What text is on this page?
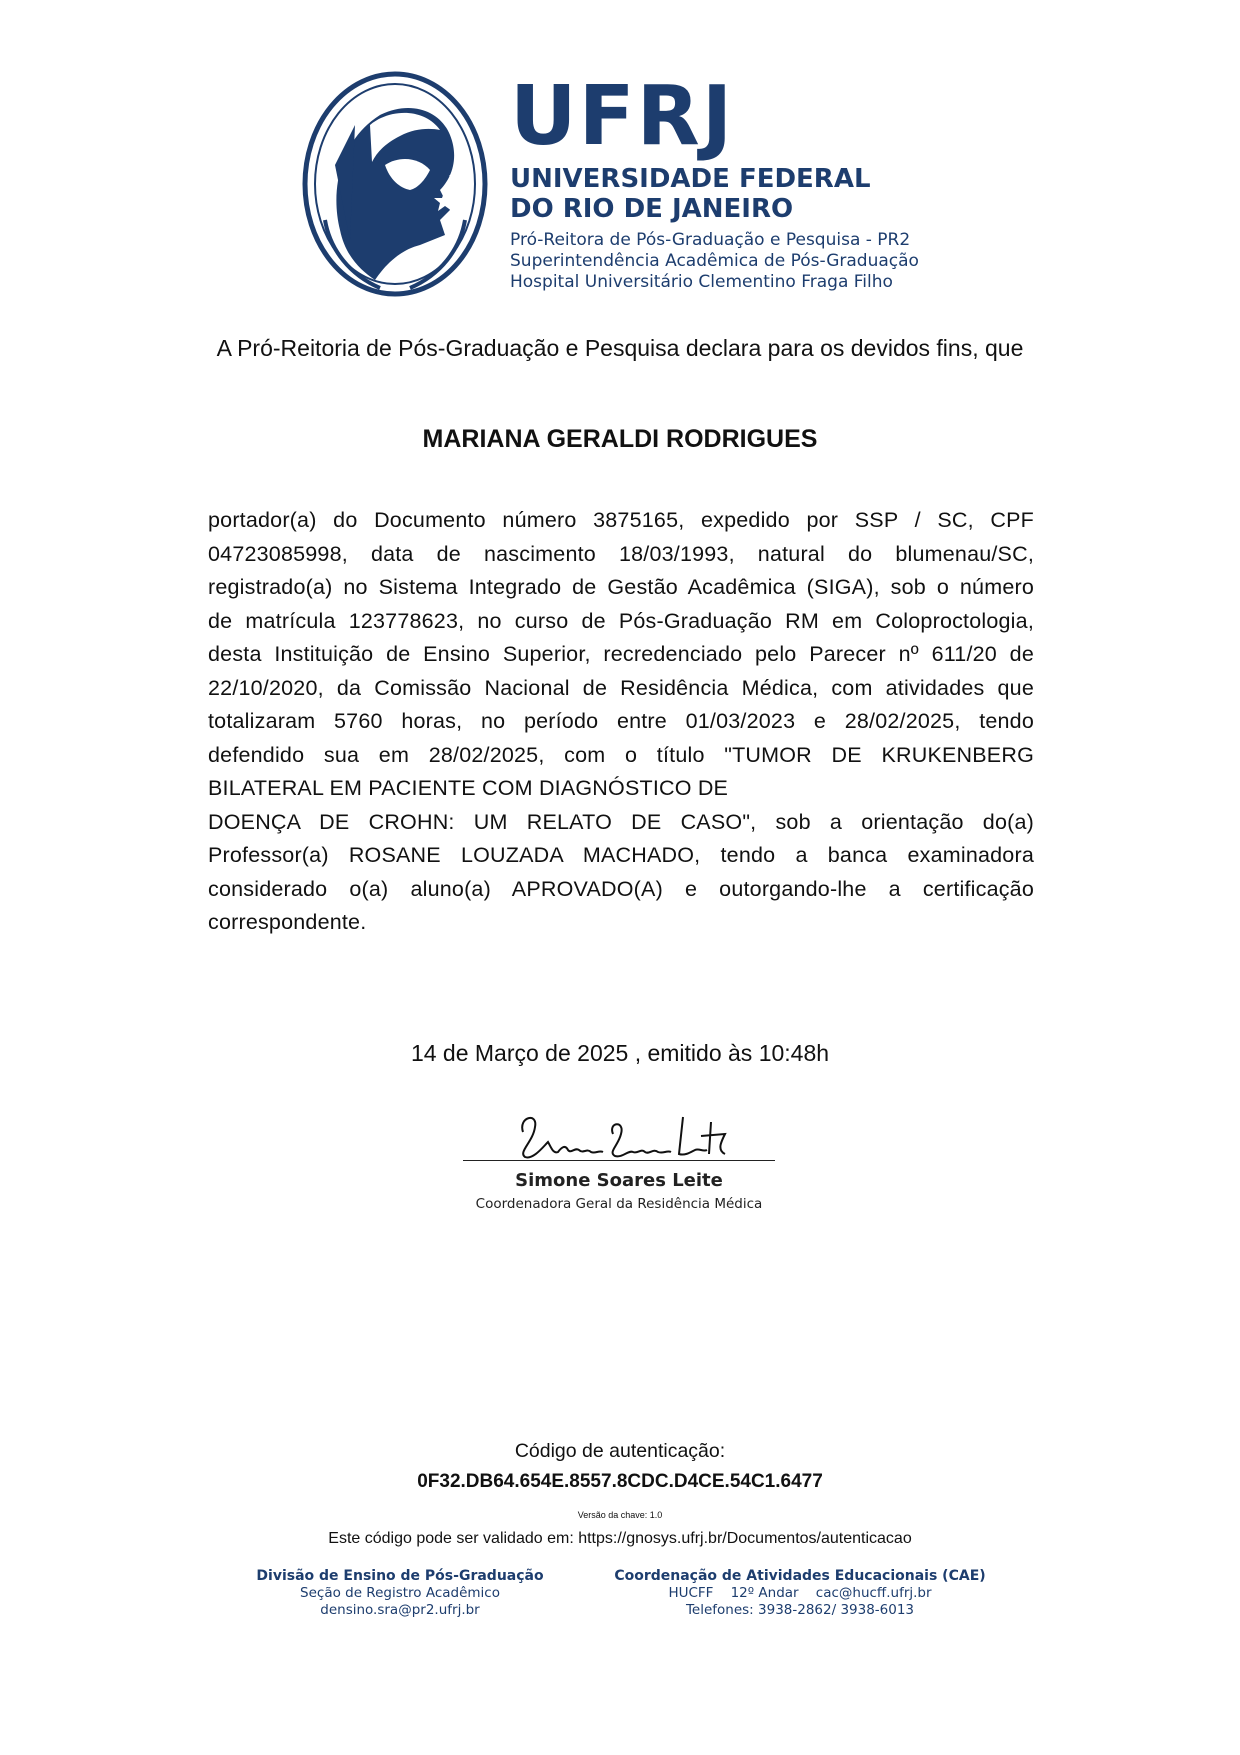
UFRJ
UNIVERSIDADE FEDERAL
DO RIO DE JANEIRO
Pró-Reitora de Pós-Graduação e Pesquisa - PR2
Superintendência Acadêmica de Pós-Graduação
Hospital Universitário Clementino Fraga Filho
A Pró-Reitoria de Pós-Graduação e Pesquisa declara para os devidos fins, que
MARIANA GERALDI RODRIGUES
portador(a) do Documento número 3875165, expedido por SSP / SC, CPF
04723085998, data de nascimento 18/03/1993, natural do blumenau/SC,
registrado(a) no Sistema Integrado de Gestão Acadêmica (SIGA), sob o número
de matrícula 123778623, no curso de Pós-Graduação RM em Coloproctologia,
desta Instituição de Ensino Superior, recredenciado pelo Parecer nº 611/20 de
22/10/2020, da Comissão Nacional de Residência Médica, com atividades que
totalizaram 5760 horas, no período entre 01/03/2023 e 28/02/2025, tendo
defendido sua em 28/02/2025, com o título "TUMOR DE KRUKENBERG
BILATERAL EM PACIENTE COM DIAGNÓSTICO DE
DOENÇA DE CROHN: UM RELATO DE CASO", sob a orientação do(a)
Professor(a) ROSANE LOUZADA MACHADO, tendo a banca examinadora
considerado o(a) aluno(a) APROVADO(A) e outorgando-lhe a certificação
correspondente.
14 de Março de 2025 , emitido às 10:48h
Simone Soares Leite
Coordenadora Geral da Residência Médica
Código de autenticação:
0F32.DB64.654E.8557.8CDC.D4CE.54C1.6477
Versão da chave: 1.0
Este código pode ser validado em: https://gnosys.ufrj.br/Documentos/autenticacao
Divisão de Ensino de Pós-Graduação
Seção de Registro Acadêmico
densino.sra@pr2.ufrj.br
Coordenação de Atividades Educacionais (CAE)
HUCFF    12º Andar    cac@hucff.ufrj.br
Telefones: 3938-2862/ 3938-6013
